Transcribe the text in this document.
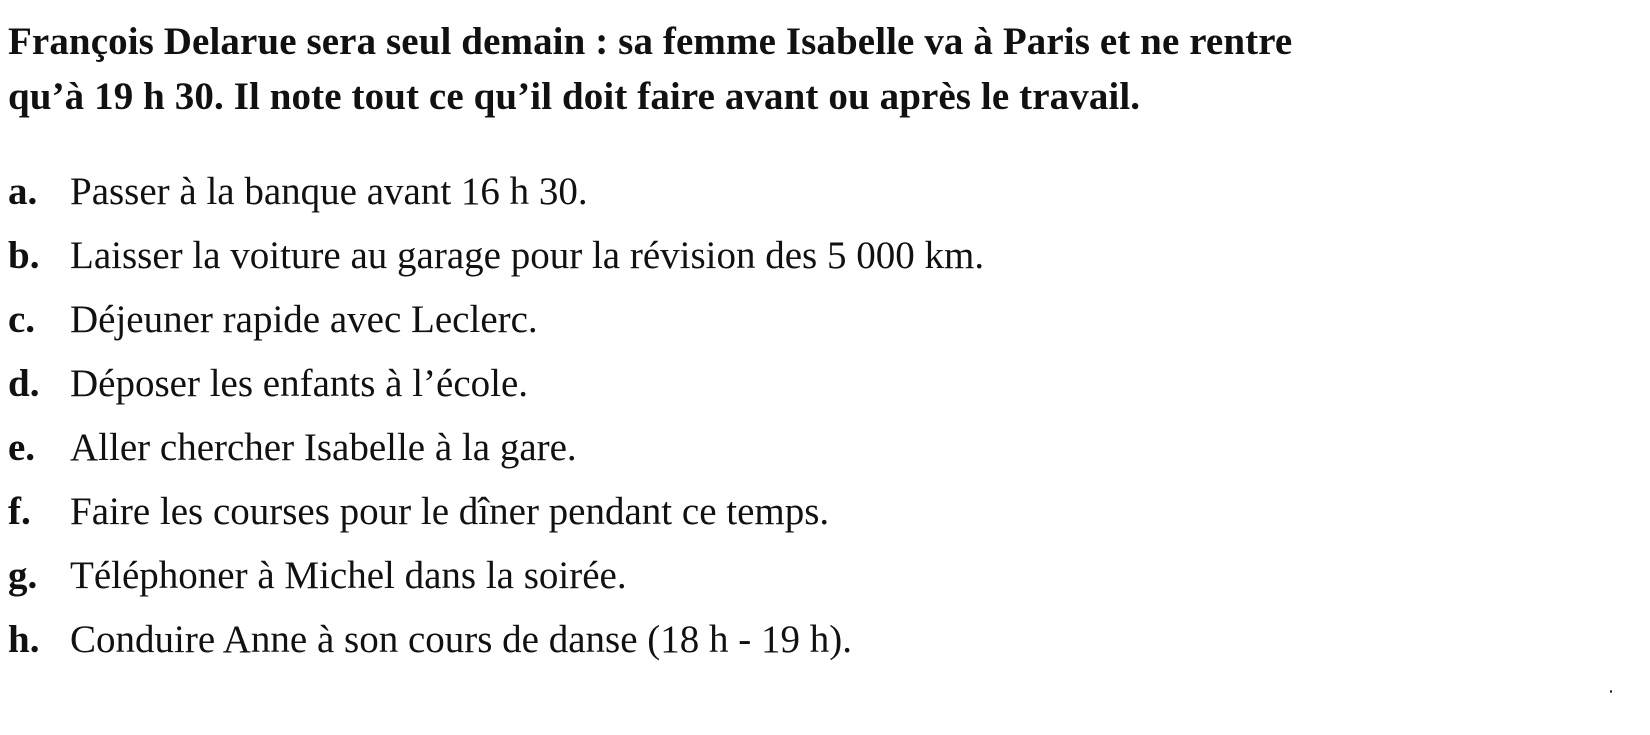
François Delarue sera seul demain : sa femme Isabelle va à Paris et ne rentre
qu’à 19 h 30. Il note tout ce qu’il doit faire avant ou après le travail.

a. Passer à la banque avant 16 h 30.
b. Laisser la voiture au garage pour la révision des 5 000 km.
c. Déjeuner rapide avec Leclerc.
d. Déposer les enfants à l’école.
e. Aller chercher Isabelle à la gare.
f.	Faire les courses pour le dîner pendant ce temps.
g. Téléphoner à Michel dans la soirée.
h. Conduire Anne à son cours de danse (18 h - 19 h).
